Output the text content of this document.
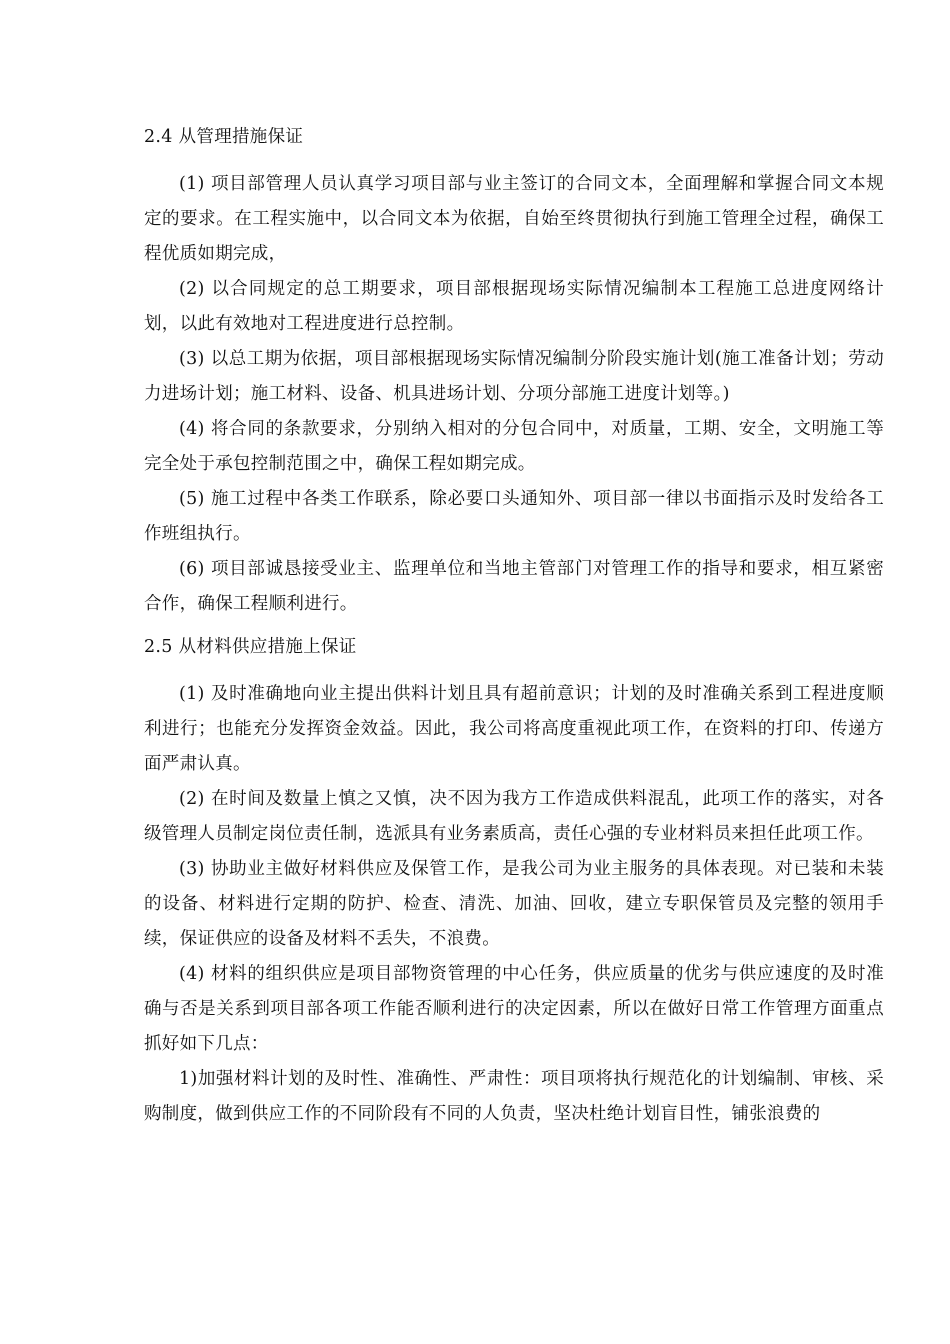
2.4 从管理措施保证

(1) 项目部管理人员认真学习项目部与业主签订的合同文本，全面理解和掌握合同文本规定的要求。在工程实施中，以合同文本为依据，自始至终贯彻执行到施工管理全过程，确保工程优质如期完成，

(2) 以合同规定的总工期要求，项目部根据现场实际情况编制本工程施工总进度网络计划，以此有效地对工程进度进行总控制。

(3) 以总工期为依据，项目部根据现场实际情况编制分阶段实施计划(施工准备计划；劳动力进场计划；施工材料、设备、机具进场计划、分项分部施工进度计划等。)

(4) 将合同的条款要求，分别纳入相对的分包合同中，对质量，工期、安全，文明施工等完全处于承包控制范围之中，确保工程如期完成。

(5) 施工过程中各类工作联系，除必要口头通知外、项目部一律以书面指示及时发给各工作班组执行。

(6) 项目部诚恳接受业主、监理单位和当地主管部门对管理工作的指导和要求，相互紧密合作，确保工程顺利进行。

2.5 从材料供应措施上保证

(1) 及时准确地向业主提出供料计划且具有超前意识；计划的及时准确关系到工程进度顺利进行；也能充分发挥资金效益。因此，我公司将高度重视此项工作，在资料的打印、传递方面严肃认真。

(2) 在时间及数量上慎之又慎，决不因为我方工作造成供料混乱，此项工作的落实，对各级管理人员制定岗位责任制，选派具有业务素质高，责任心强的专业材料员来担任此项工作。

(3) 协助业主做好材料供应及保管工作，是我公司为业主服务的具体表现。对已装和未装的设备、材料进行定期的防护、检查、清洗、加油、回收，建立专职保管员及完整的领用手续，保证供应的设备及材料不丢失，不浪费。

(4) 材料的组织供应是项目部物资管理的中心任务，供应质量的优劣与供应速度的及时准确与否是关系到项目部各项工作能否顺利进行的决定因素，所以在做好日常工作管理方面重点抓好如下几点：

1)加强材料计划的及时性、准确性、严肃性：项目项将执行规范化的计划编制、审核、采购制度，做到供应工作的不同阶段有不同的人负责，坚决杜绝计划盲目性，铺张浪费的
